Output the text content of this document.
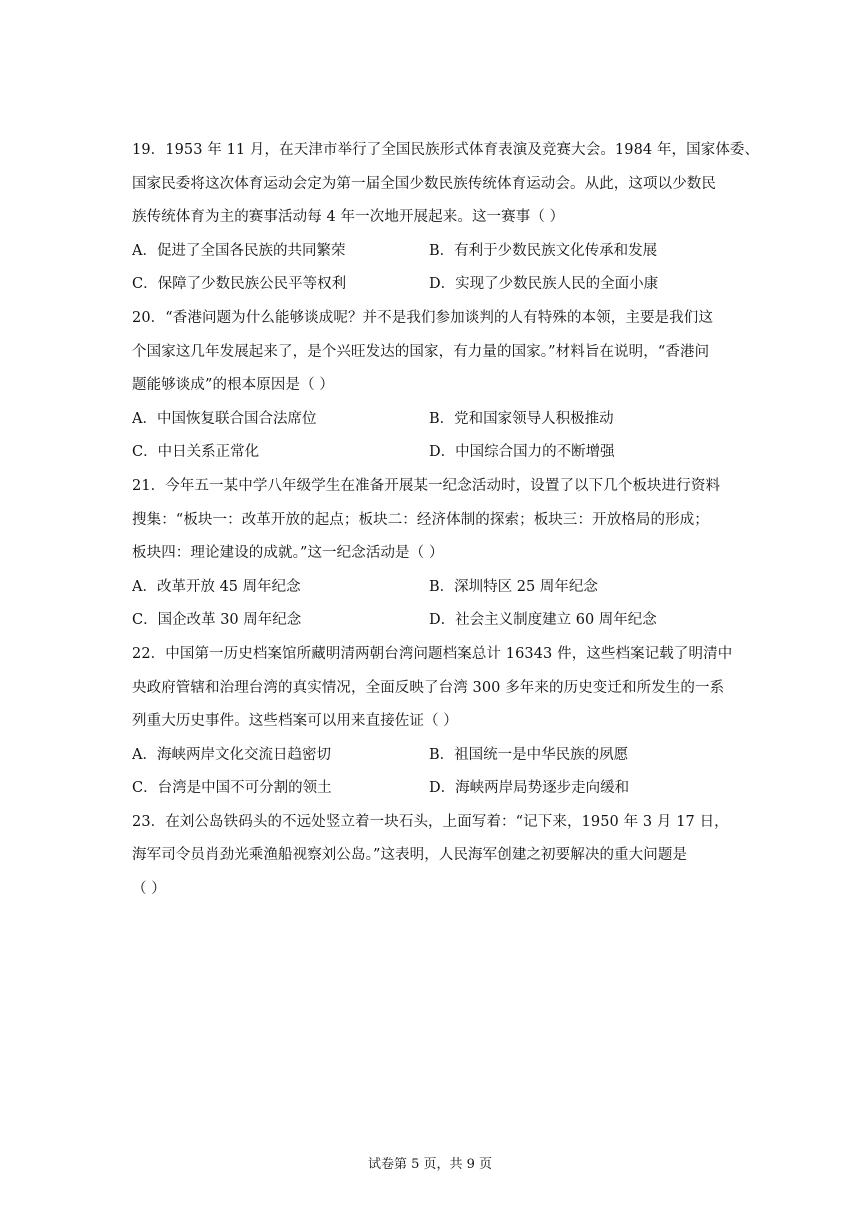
19．1953 年 11 月，在天津市举行了全国民族形式体育表演及竞赛大会。1984 年，国家体委、
国家民委将这次体育运动会定为第一届全国少数民族传统体育运动会。从此，这项以少数民
族传统体育为主的赛事活动每 4 年一次地开展起来。这一赛事（ ）
A．促进了全国各民族的共同繁荣	B．有利于少数民族文化传承和发展
C．保障了少数民族公民平等权利	D．实现了少数民族人民的全面小康
20．“香港问题为什么能够谈成呢？并不是我们参加谈判的人有特殊的本领，主要是我们这
个国家这几年发展起来了，是个兴旺发达的国家，有力量的国家。”材料旨在说明，“香港问
题能够谈成”的根本原因是（ ）
A．中国恢复联合国合法席位	B．党和国家领导人积极推动
C．中日关系正常化	D．中国综合国力的不断增强
21．今年五一某中学八年级学生在准备开展某一纪念活动时，设置了以下几个板块进行资料
搜集：“板块一：改革开放的起点；板块二：经济体制的探索；板块三：开放格局的形成；
板块四：理论建设的成就。”这一纪念活动是（ ）
A．改革开放 45 周年纪念	B．深圳特区 25 周年纪念
C．国企改革 30 周年纪念	D．社会主义制度建立 60 周年纪念
22．中国第一历史档案馆所藏明清两朝台湾问题档案总计 16343 件，这些档案记载了明清中
央政府管辖和治理台湾的真实情况，全面反映了台湾 300 多年来的历史变迁和所发生的一系
列重大历史事件。这些档案可以用来直接佐证（ ）
A．海峡两岸文化交流日趋密切	B．祖国统一是中华民族的夙愿
C．台湾是中国不可分割的领土	D．海峡两岸局势逐步走向缓和
23．在刘公岛铁码头的不远处竖立着一块石头，上面写着：“记下来，1950 年 3 月 17 日，
海军司令员肖劲光乘渔船视察刘公岛。”这表明，人民海军创建之初要解决的重大问题是
（ ）
试卷第 5 页，共 9 页
